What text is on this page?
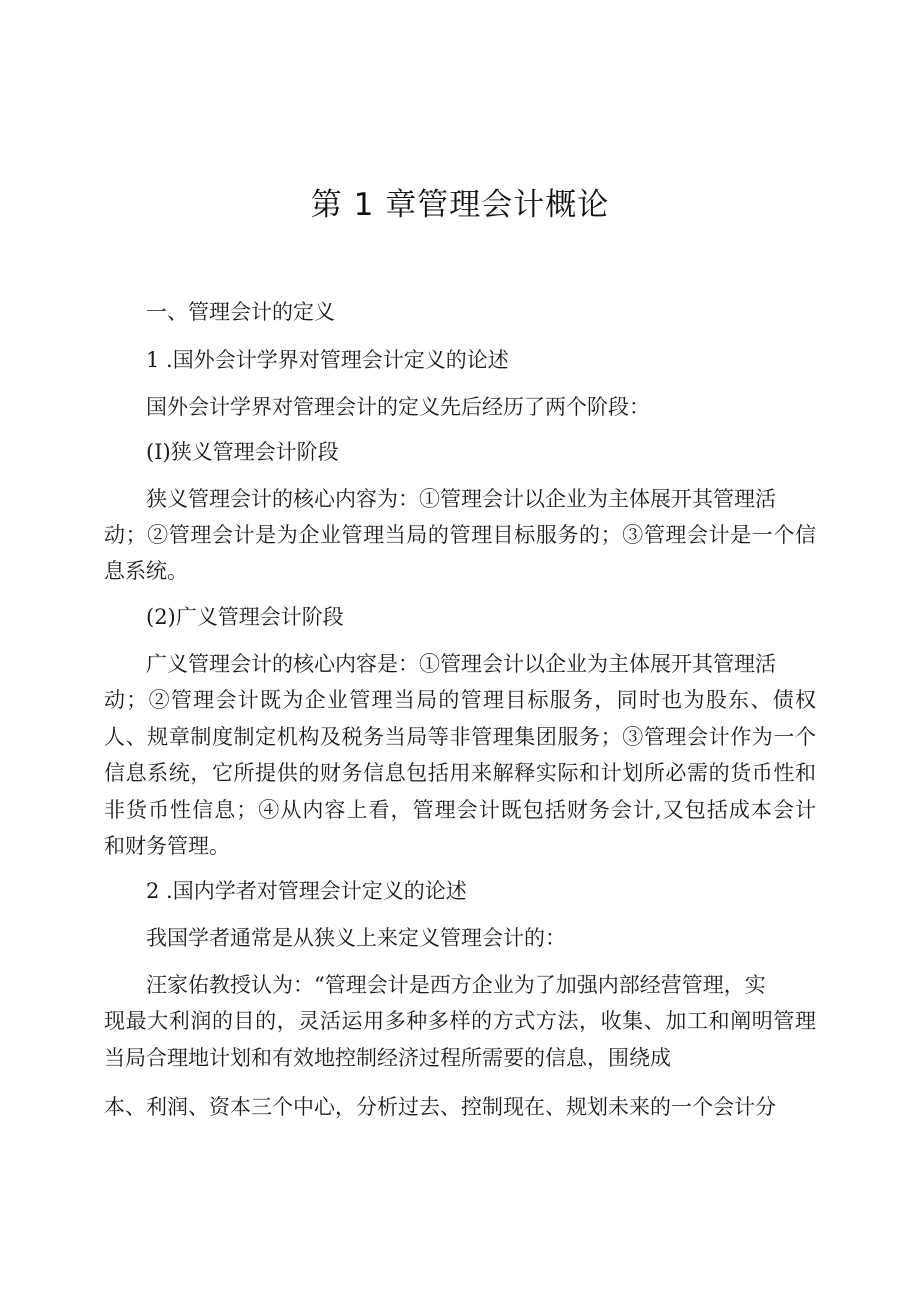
第 1 章管理会计概论
一、管理会计的定义
1 .国外会计学界对管理会计定义的论述
国外会计学界对管理会计的定义先后经历了两个阶段：
(I)狭义管理会计阶段
狭义管理会计的核心内容为：①管理会计以企业为主体展开其管理活
动；②管理会计是为企业管理当局的管理目标服务的；③管理会计是一个信
息系统。
(2)广义管理会计阶段
广义管理会计的核心内容是：①管理会计以企业为主体展开其管理活
动；②管理会计既为企业管理当局的管理目标服务，同时也为股东、债权
人、规章制度制定机构及税务当局等非管理集团服务；③管理会计作为一个
信息系统，它所提供的财务信息包括用来解释实际和计划所必需的货币性和
非货币性信息；④从内容上看，管理会计既包括财务会计,又包括成本会计
和财务管理。
2 .国内学者对管理会计定义的论述
我国学者通常是从狭义上来定义管理会计的：
汪家佑教授认为：“管理会计是西方企业为了加强内部经营管理，实
现最大利润的目的，灵活运用多种多样的方式方法，收集、加工和阐明管理
当局合理地计划和有效地控制经济过程所需要的信息，围绕成
本、利润、资本三个中心，分析过去、控制现在、规划未来的一个会计分
